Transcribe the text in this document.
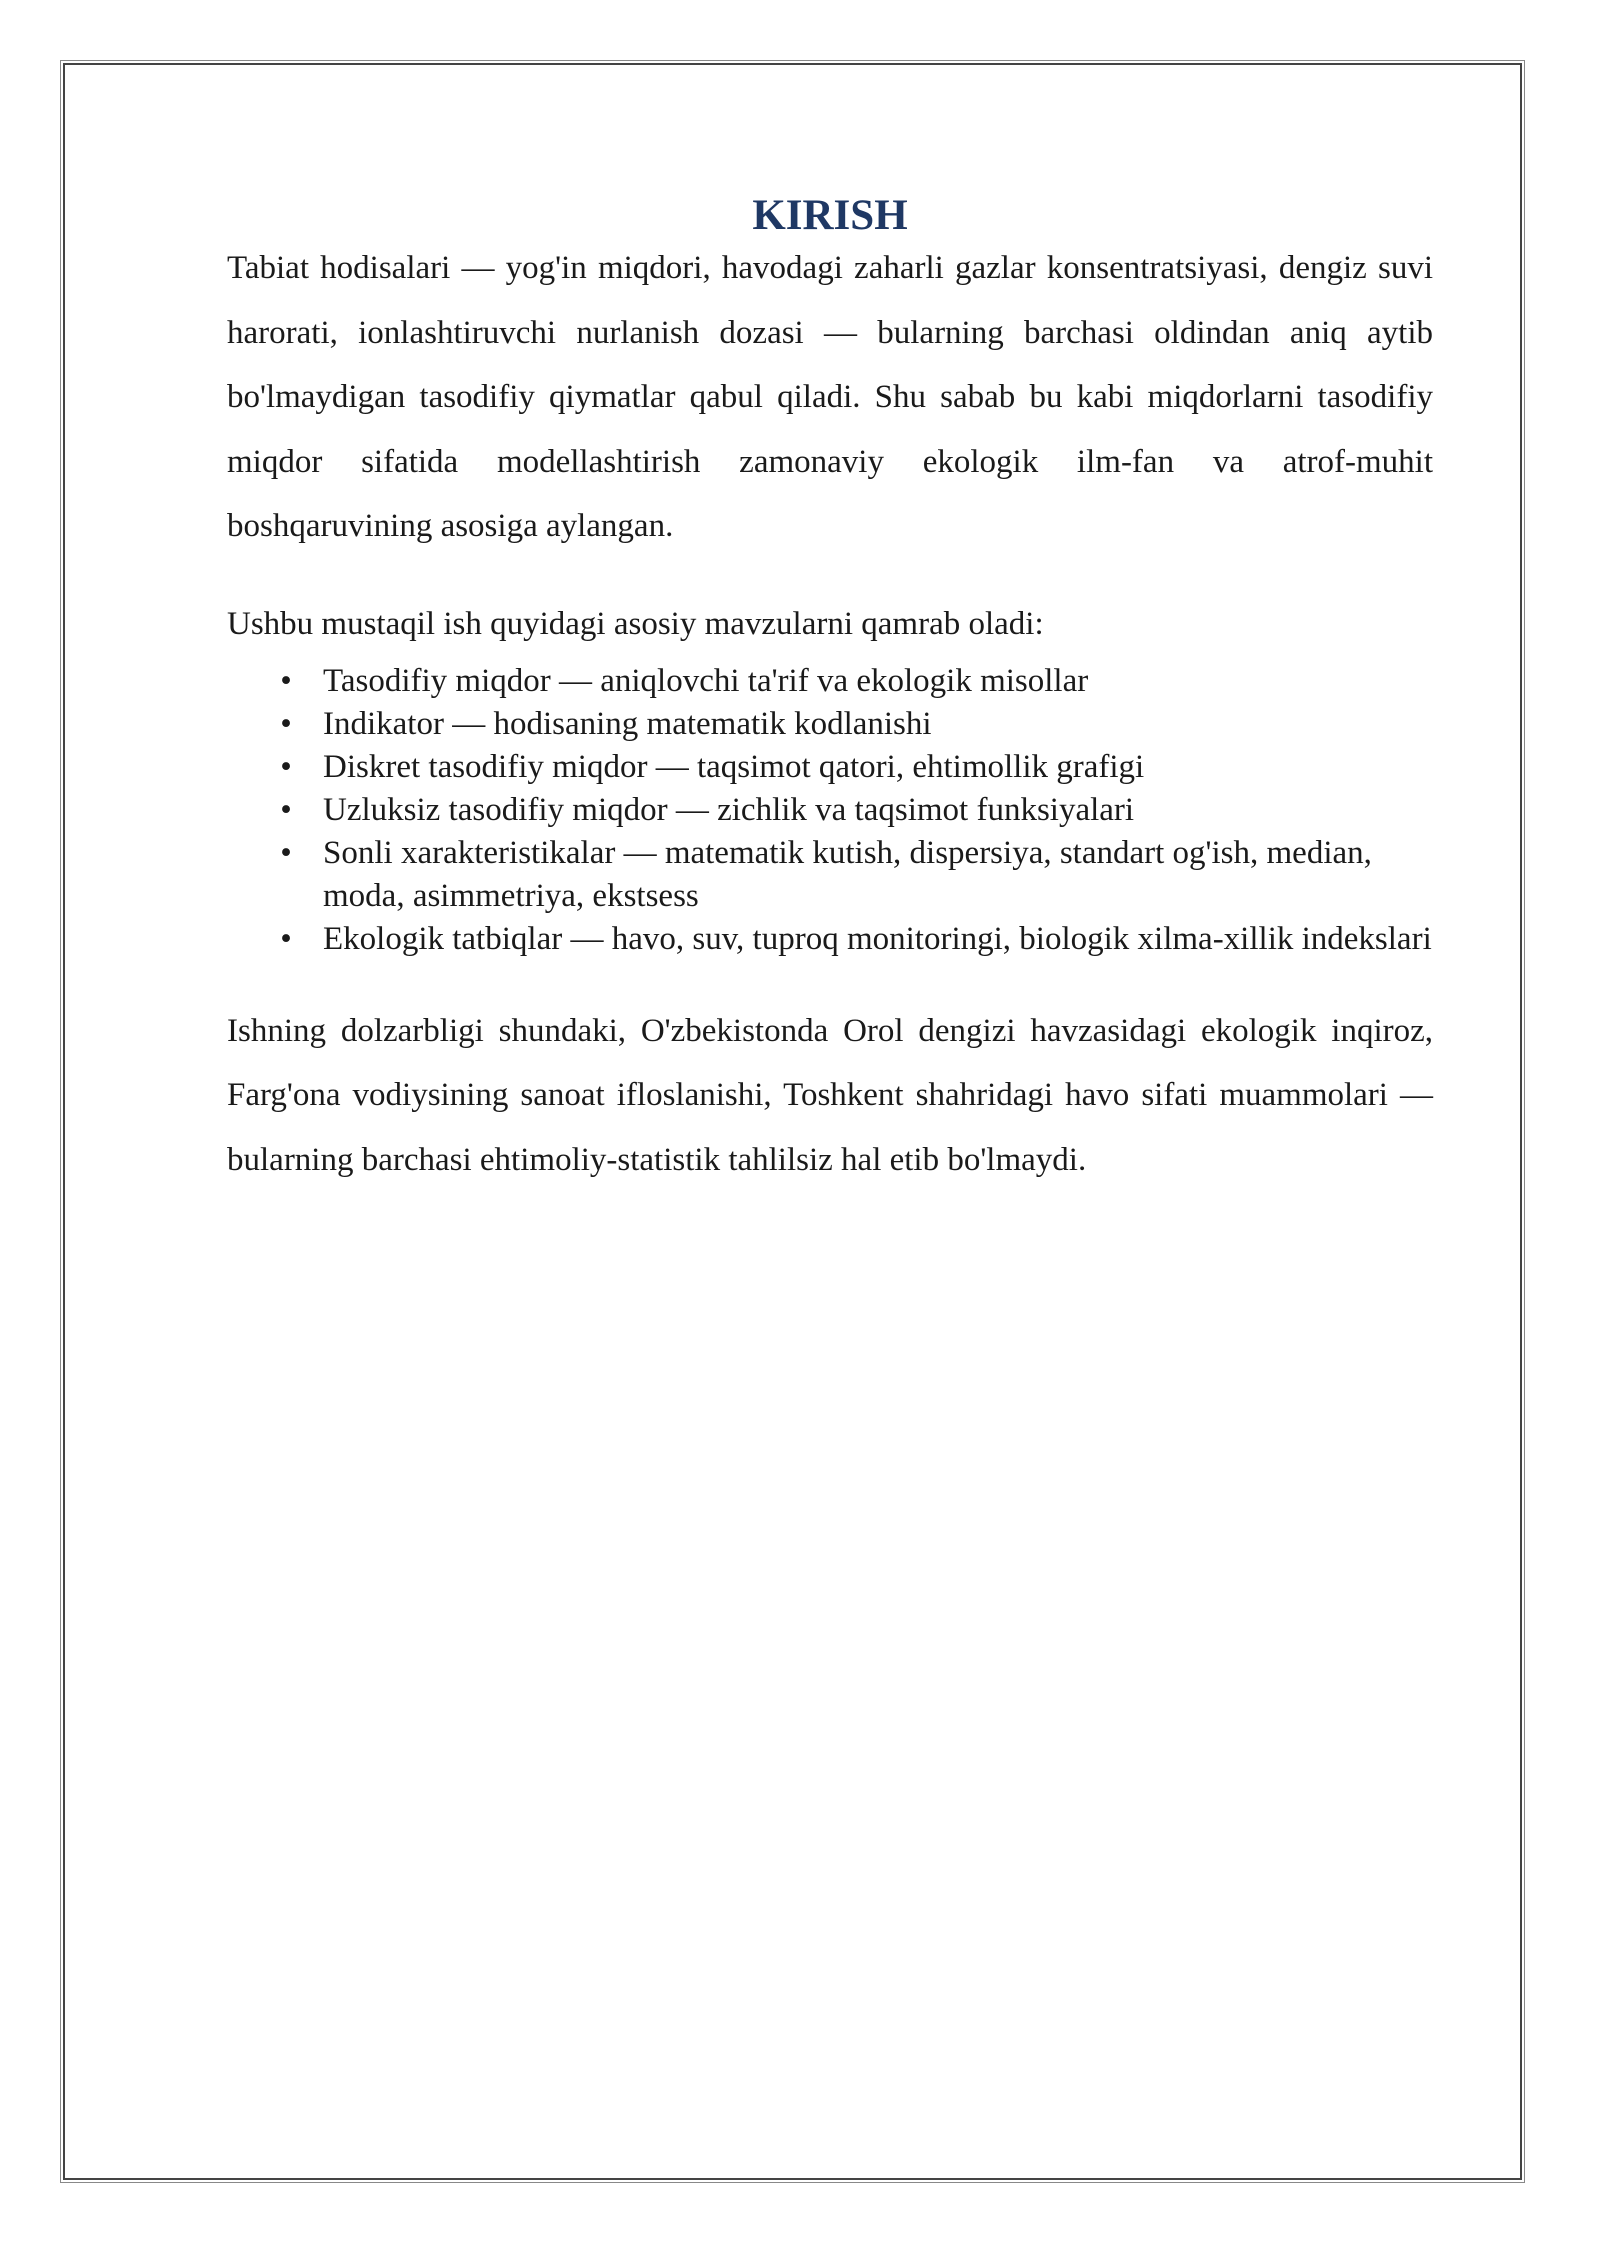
KIRISH

Tabiat hodisalari — yog'in miqdori, havodagi zaharli gazlar konsentratsiyasi, dengiz suvi harorati, ionlashtiruvchi nurlanish dozasi — bularning barchasi oldindan aniq aytib bo'lmaydigan tasodifiy qiymatlar qabul qiladi. Shu sabab bu kabi miqdorlarni tasodifiy miqdor sifatida modellashtirish zamonaviy ekologik ilm-fan va atrof-muhit boshqaruvining asosiga aylangan.

Ushbu mustaqil ish quyidagi asosiy mavzularni qamrab oladi:

• Tasodifiy miqdor — aniqlovchi ta'rif va ekologik misollar
• Indikator — hodisaning matematik kodlanishi
• Diskret tasodifiy miqdor — taqsimot qatori, ehtimollik grafigi
• Uzluksiz tasodifiy miqdor — zichlik va taqsimot funksiyalari
• Sonli xarakteristikalar — matematik kutish, dispersiya, standart og'ish, median, moda, asimmetriya, ekstsess
• Ekologik tatbiqlar — havo, suv, tuproq monitoringi, biologik xilma-xillik indekslari

Ishning dolzarbligi shundaki, O'zbekistonda Orol dengizi havzasidagi ekologik inqiroz, Farg'ona vodiysining sanoat ifloslanishi, Toshkent shahridagi havo sifati muammolari — bularning barchasi ehtimoliy-statistik tahlilsiz hal etib bo'lmaydi.
